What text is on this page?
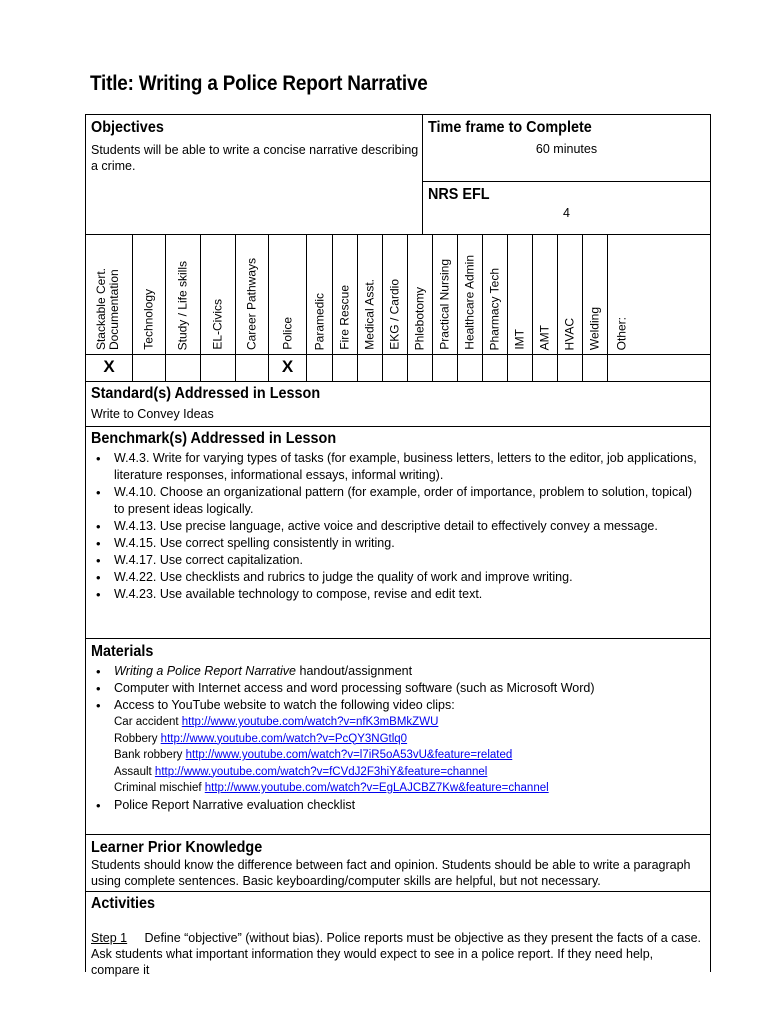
Title: Writing a Police Report Narrative
Objectives
Students will be able to write a concise narrative describing a crime.
Time frame to Complete
60 minutes
NRS EFL
4
Stackable Cert.
Documentation Technology Study / Life skills EL-Civics Career Pathways Police Paramedic Fire Rescue Medical Asst. EKG / Cardio Phlebotomy Practical Nursing Healthcare Admin Pharmacy Tech IMT AMT HVAC Welding Other:
X	X
Standard(s) Addressed in Lesson
Write to Convey Ideas
Benchmark(s) Addressed in Lesson
• W.4.3. Write for varying types of tasks (for example, business letters, letters to the editor, job applications, literature responses, informational essays, informal writing).
• W.4.10. Choose an organizational pattern (for example, order of importance, problem to solution, topical) to present ideas logically.
• W.4.13. Use precise language, active voice and descriptive detail to effectively convey a message.
• W.4.15. Use correct spelling consistently in writing.
• W.4.17. Use correct capitalization.
• W.4.22. Use checklists and rubrics to judge the quality of work and improve writing.
• W.4.23. Use available technology to compose, revise and edit text.
Materials
• Writing a Police Report Narrative handout/assignment
• Computer with Internet access and word processing software (such as Microsoft Word)
• Access to YouTube website to watch the following video clips:
Car accident http://www.youtube.com/watch?v=nfK3mBMkZWU
Robbery http://www.youtube.com/watch?v=PcQY3NGtlq0
Bank robbery http://www.youtube.com/watch?v=l7iR5oA53vU&feature=related
Assault http://www.youtube.com/watch?v=fCVdJ2F3hiY&feature=channel
Criminal mischief http://www.youtube.com/watch?v=EgLAJCBZ7Kw&feature=channel
• Police Report Narrative evaluation checklist
Learner Prior Knowledge
Students should know the difference between fact and opinion. Students should be able to write a paragraph using complete sentences. Basic keyboarding/computer skills are helpful, but not necessary.
Activities
Step 1 Define “objective” (without bias). Police reports must be objective as they present the facts of a case. Ask students what important information they would expect to see in a police report. If they need help, compare it
